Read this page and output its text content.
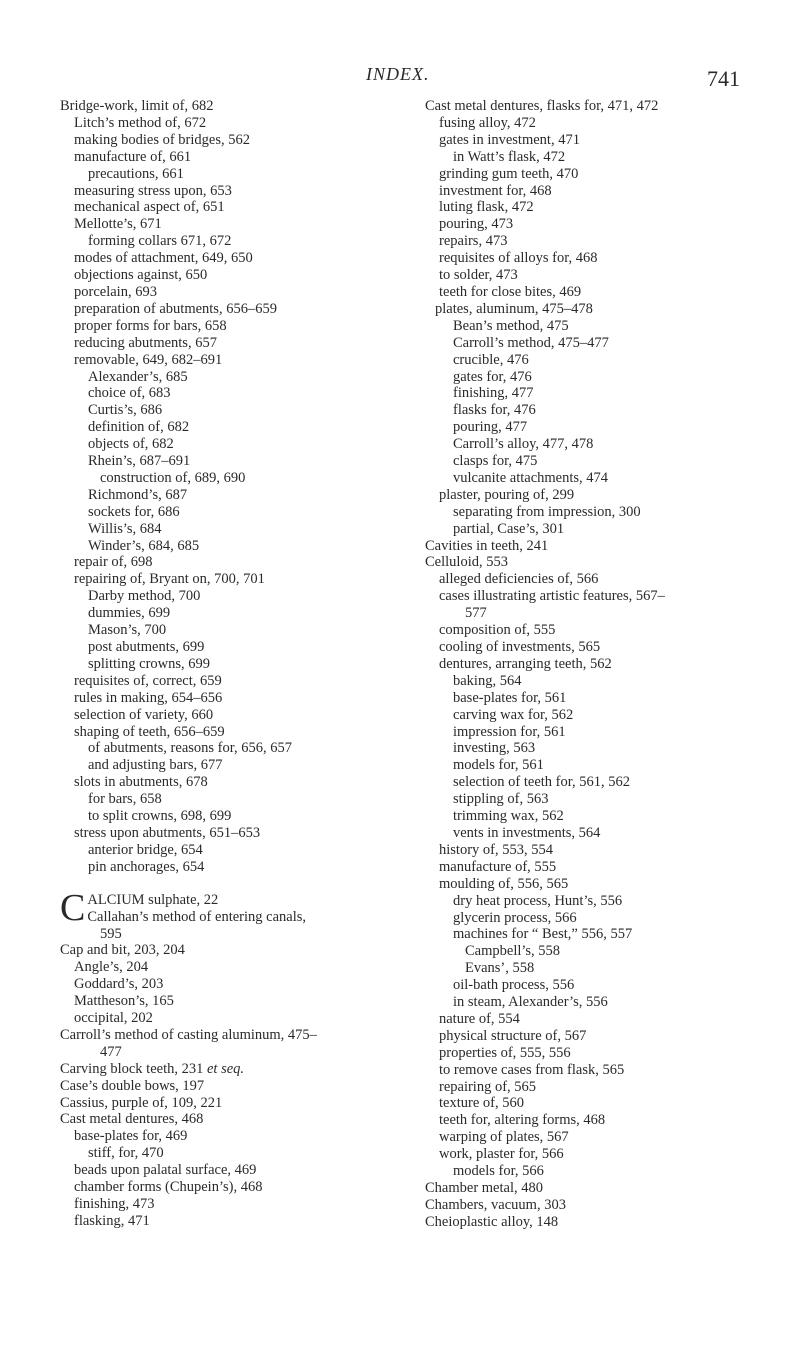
INDEX.	741
Bridge-work, limit of, 682
Litch’s method of, 672
making bodies of bridges, 562
manufacture of, 661
precautions, 661
measuring stress upon, 653
mechanical aspect of, 651
Mellotte’s, 671
forming collars 671, 672
modes of attachment, 649, 650
objections against, 650
porcelain, 693
preparation of abutments, 656–659
proper forms for bars, 658
reducing abutments, 657
removable, 649, 682–691
Alexander’s, 685
choice of, 683
Curtis’s, 686
definition of, 682
objects of, 682
Rhein’s, 687–691
construction of, 689, 690
Richmond’s, 687
sockets for, 686
Willis’s, 684
Winder’s, 684, 685
repair of, 698
repairing of, Bryant on, 700, 701
Darby method, 700
dummies, 699
Mason’s, 700
post abutments, 699
splitting crowns, 699
requisites of, correct, 659
rules in making, 654–656
selection of variety, 660
shaping of teeth, 656–659
of abutments, reasons for, 656, 657
and adjusting bars, 677
slots in abutments, 678
for bars, 658
to split crowns, 698, 699
stress upon abutments, 651–653
anterior bridge, 654
pin anchorages, 654
C ALCIUM sulphate, 22
Callahan’s method of entering canals,
595
Cap and bit, 203, 204
Angle’s, 204
Goddard’s, 203
Mattheson’s, 165
occipital, 202
Carroll’s method of casting aluminum, 475–
477
Carving block teeth, 231 et seq.
Case’s double bows, 197
Cassius, purple of, 109, 221
Cast metal dentures, 468
base-plates for, 469
stiff, for, 470
beads upon palatal surface, 469
chamber forms (Chupein’s), 468
finishing, 473
flasking, 471
Cast metal dentures, flasks for, 471, 472
fusing alloy, 472
gates in investment, 471
in Watt’s flask, 472
grinding gum teeth, 470
investment for, 468
luting flask, 472
pouring, 473
repairs, 473
requisites of alloys for, 468
to solder, 473
teeth for close bites, 469
plates, aluminum, 475–478
Bean’s method, 475
Carroll’s method, 475–477
crucible, 476
gates for, 476
finishing, 477
flasks for, 476
pouring, 477
Carroll’s alloy, 477, 478
clasps for, 475
vulcanite attachments, 474
plaster, pouring of, 299
separating from impression, 300
partial, Case’s, 301
Cavities in teeth, 241
Celluloid, 553
alleged deficiencies of, 566
cases illustrating artistic features, 567–
577
composition of, 555
cooling of investments, 565
dentures, arranging teeth, 562
baking, 564
base-plates for, 561
carving wax for, 562
impression for, 561
investing, 563
models for, 561
selection of teeth for, 561, 562
stippling of, 563
trimming wax, 562
vents in investments, 564
history of, 553, 554
manufacture of, 555
moulding of, 556, 565
dry heat process, Hunt’s, 556
glycerin process, 566
machines for “ Best,” 556, 557
Campbell’s, 558
Evans’, 558
oil-bath process, 556
in steam, Alexander’s, 556
nature of, 554
physical structure of, 567
properties of, 555, 556
to remove cases from flask, 565
repairing of, 565
texture of, 560
teeth for, altering forms, 468
warping of plates, 567
work, plaster for, 566
models for, 566
Chamber metal, 480
Chambers, vacuum, 303
Cheioplastic alloy, 148
